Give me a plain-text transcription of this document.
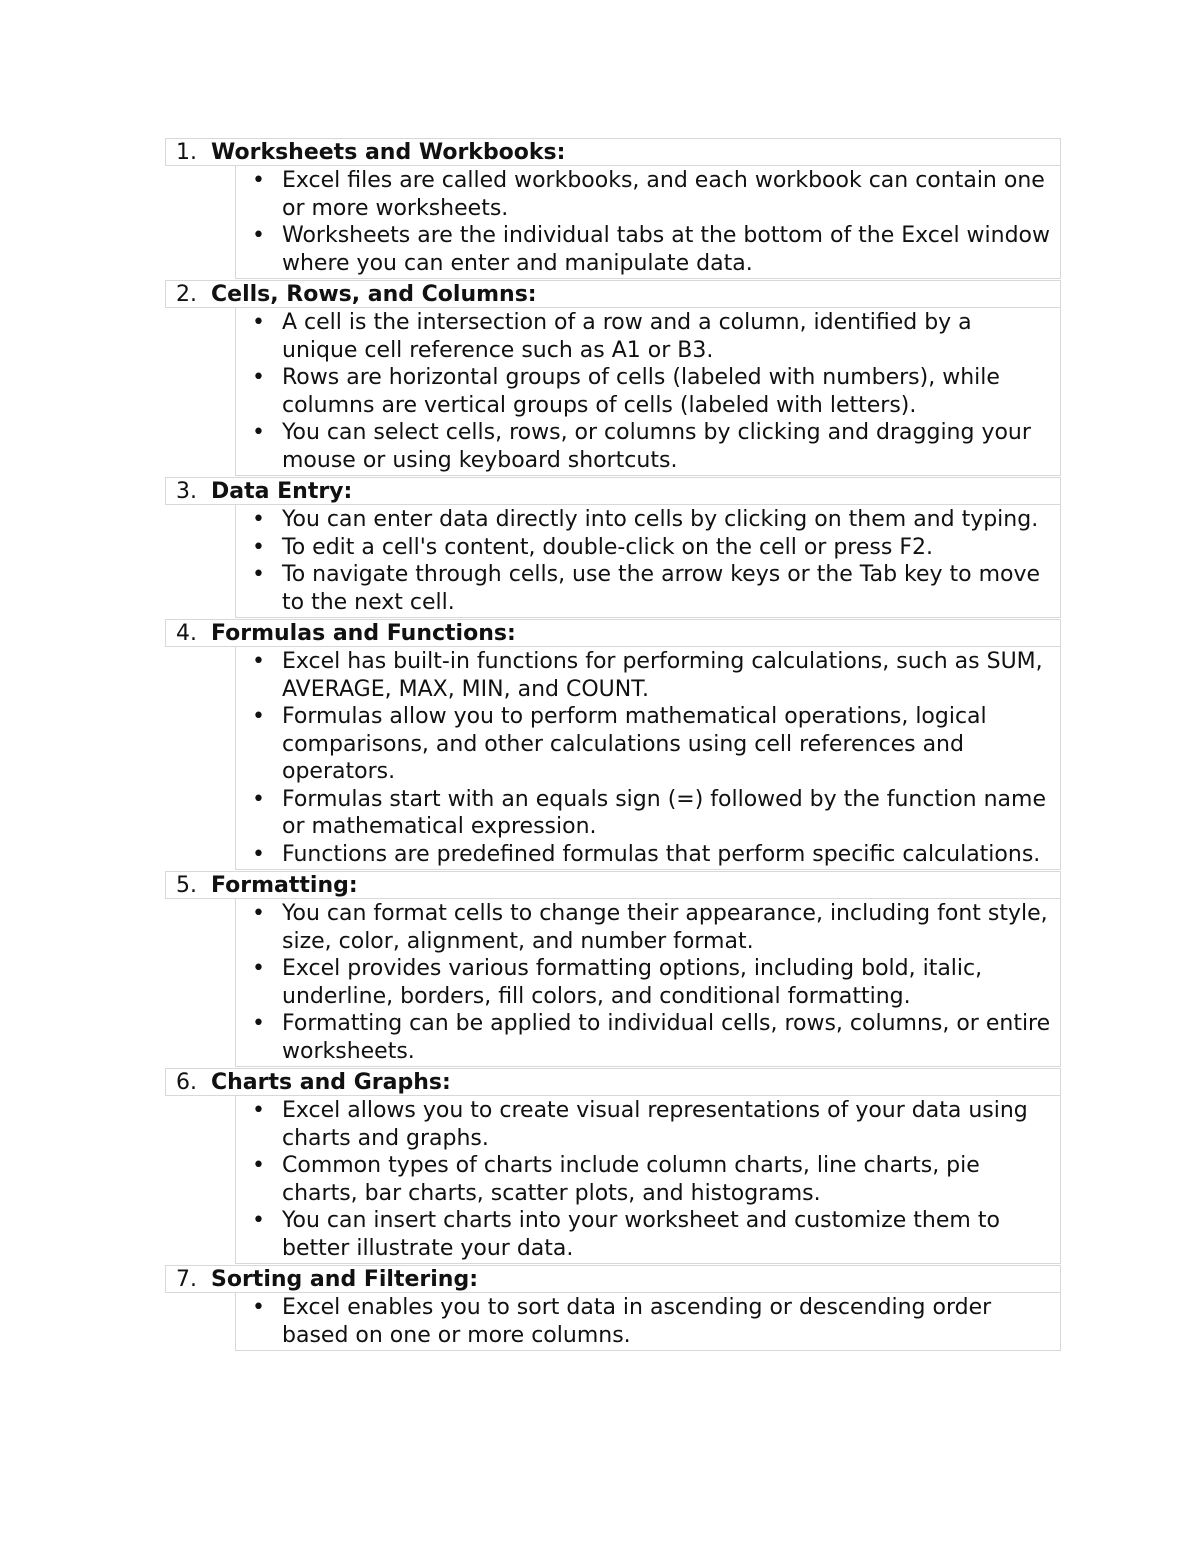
1. Worksheets and Workbooks:
• Excel files are called workbooks, and each workbook can contain one or more worksheets.
• Worksheets are the individual tabs at the bottom of the Excel window where you can enter and manipulate data.
2. Cells, Rows, and Columns:
• A cell is the intersection of a row and a column, identified by a unique cell reference such as A1 or B3.
• Rows are horizontal groups of cells (labeled with numbers), while columns are vertical groups of cells (labeled with letters).
• You can select cells, rows, or columns by clicking and dragging your mouse or using keyboard shortcuts.
3. Data Entry:
• You can enter data directly into cells by clicking on them and typing.
• To edit a cell's content, double-click on the cell or press F2.
• To navigate through cells, use the arrow keys or the Tab key to move to the next cell.
4. Formulas and Functions:
• Excel has built-in functions for performing calculations, such as SUM, AVERAGE, MAX, MIN, and COUNT.
• Formulas allow you to perform mathematical operations, logical comparisons, and other calculations using cell references and operators.
• Formulas start with an equals sign (=) followed by the function name or mathematical expression.
• Functions are predefined formulas that perform specific calculations.
5. Formatting:
• You can format cells to change their appearance, including font style, size, color, alignment, and number format.
• Excel provides various formatting options, including bold, italic, underline, borders, fill colors, and conditional formatting.
• Formatting can be applied to individual cells, rows, columns, or entire worksheets.
6. Charts and Graphs:
• Excel allows you to create visual representations of your data using charts and graphs.
• Common types of charts include column charts, line charts, pie charts, bar charts, scatter plots, and histograms.
• You can insert charts into your worksheet and customize them to better illustrate your data.
7. Sorting and Filtering:
• Excel enables you to sort data in ascending or descending order based on one or more columns.
